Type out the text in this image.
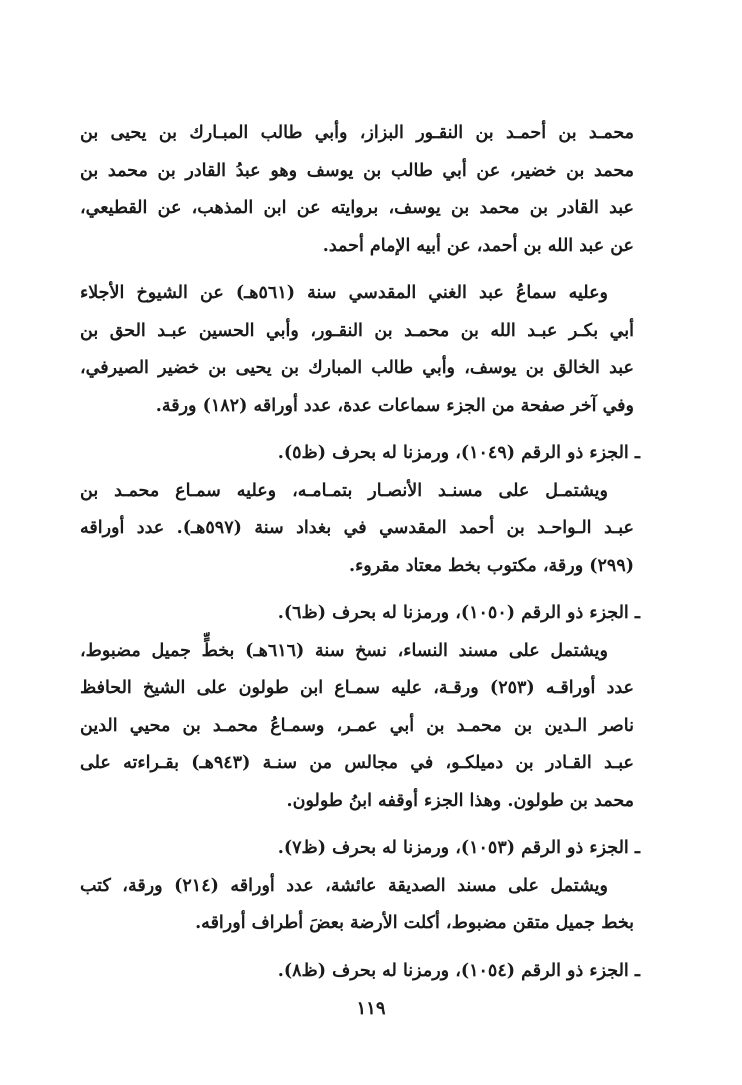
محمـد بن أحمـد بن النقـور البزاز، وأبي طالب المبـارك بن يحيى بن
محمد بن خضير، عن أبي طالب بن يوسف وهو عبدُ القادر بن محمد بن
عبد القادر بن محمد بن يوسف، بروايته عن ابن المذهب، عن القطيعي،
عن عبد الله بن أحمد، عن أبيه الإمام أحمد.
وعليه سماعُ عبد الغني المقدسي سنة (٥٦١هـ) عن الشيوخ الأجلاء
أبي بكـر عبـد الله بن محمـد بن النقـور، وأبي الحسين عبـد الحق بن
عبد الخالق بن يوسف، وأبي طالب المبارك بن يحيى بن خضير الصيرفي،
وفي آخر صفحة من الجزء سماعات عدة، عدد أوراقه (١٨٢) ورقة.
ـ الجزء ذو الرقم (١٠٤٩)، ورمزنا له بحرف (ظ٥).
ويشتمـل على مسنـد الأنصـار بتمـامـه، وعليه سمـاع محمـد بن
عبـد الـواحـد بن أحمد المقدسي في بغداد سنة (٥٩٧هـ). عدد أوراقه
(٢٩٩) ورقة، مكتوب بخط معتاد مقروء.
ـ الجزء ذو الرقم (١٠٥٠)، ورمزنا له بحرف (ظ٦).
ويشتمل على مسند النساء، نسخ سنة (٦١٦هـ) بخطٍّ جميل مضبوط،
عدد أوراقـه (٢٥٣) ورقـة، عليه سمـاع ابن طولون على الشيخ الحافظ
ناصر الـدين بن محمـد بن أبي عمـر، وسمـاعُ محمـد بن محيي الدين
عبـد القـادر بن دميلكـو، في مجالس من سنـة (٩٤٣هـ) بقـراءته على
محمد بن طولون. وهذا الجزء أوقفه ابنُ طولون.
ـ الجزء ذو الرقم (١٠٥٣)، ورمزنا له بحرف (ظ٧).
ويشتمل على مسند الصديقة عائشة، عدد أوراقه (٢١٤) ورقة، كتب
بخط جميل متقن مضبوط، أكلت الأرضة بعضَ أطراف أوراقه.
ـ الجزء ذو الرقم (١٠٥٤)، ورمزنا له بحرف (ظ٨).
١١٩
